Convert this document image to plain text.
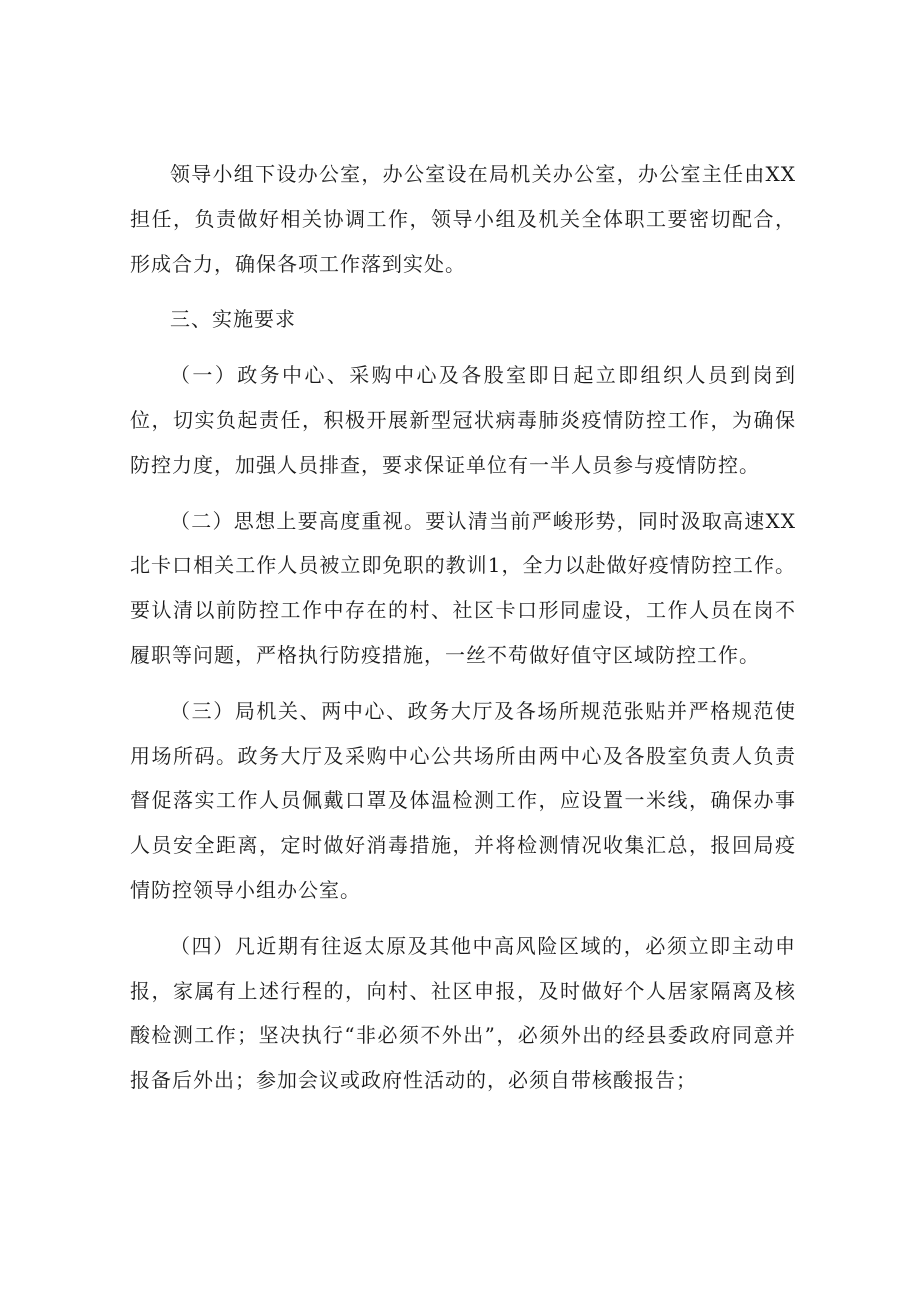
领导小组下设办公室，办公室设在局机关办公室，办公室主任由XX担任，负责做好相关协调工作，领导小组及机关全体职工要密切配合，形成合力，确保各项工作落到实处。

三、实施要求

（一）政务中心、采购中心及各股室即日起立即组织人员到岗到位，切实负起责任，积极开展新型冠状病毒肺炎疫情防控工作，为确保防控力度，加强人员排查，要求保证单位有一半人员参与疫情防控。

（二）思想上要高度重视。要认清当前严峻形势，同时汲取高速XX北卡口相关工作人员被立即免职的教训1，全力以赴做好疫情防控工作。要认清以前防控工作中存在的村、社区卡口形同虚设，工作人员在岗不履职等问题，严格执行防疫措施，一丝不苟做好值守区域防控工作。

（三）局机关、两中心、政务大厅及各场所规范张贴并严格规范使用场所码。政务大厅及采购中心公共场所由两中心及各股室负责人负责督促落实工作人员佩戴口罩及体温检测工作，应设置一米线，确保办事人员安全距离，定时做好消毒措施，并将检测情况收集汇总，报回局疫情防控领导小组办公室。

（四）凡近期有往返太原及其他中高风险区域的，必须立即主动申报，家属有上述行程的，向村、社区申报，及时做好个人居家隔离及核酸检测工作；坚决执行“非必须不外出”，必须外出的经县委政府同意并报备后外出；参加会议或政府性活动的，必须自带核酸报告；
